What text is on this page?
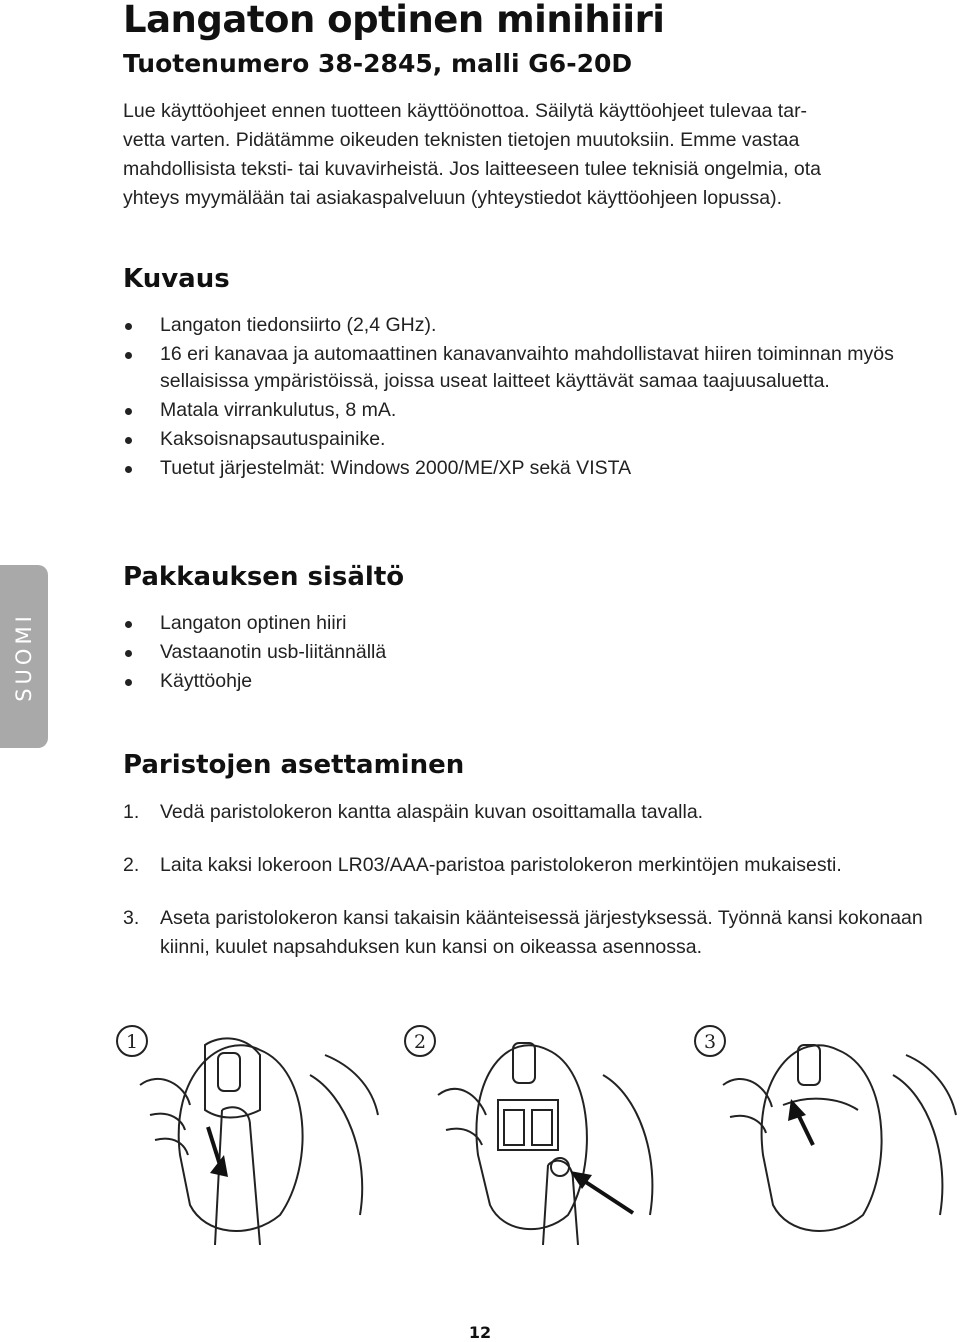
Langaton optinen minihiiri
Tuotenumero 38-2845, malli G6-20D

Lue käyttöohjeet ennen tuotteen käyttöönottoa. Säilytä käyttöohjeet tulevaa tar-
vetta varten. Pidätämme oikeuden teknisten tietojen muutoksiin. Emme vastaa
mahdollisista teksti- tai kuvavirheistä. Jos laitteeseen tulee teknisiä ongelmia, ota
yhteys myymälään tai asiakaspalveluun (yhteystiedot käyttöohjeen lopussa).

Kuvaus
Langaton tiedonsiirto (2,4 GHz).
16 eri kanavaa ja automaattinen kanavanvaihto mahdollistavat hiiren toiminnan myös sellaisissa ympäristöissä, joissa useat laitteet käyttävät samaa taajuusaluetta.
Matala virrankulutus, 8 mA.
Kaksoisnapsautuspainike.
Tuetut järjestelmät: Windows 2000/ME/XP sekä VISTA
SUOMI
Pakkauksen sisältö
Langaton optinen hiiri
Vastaanotin usb-liitännällä
Käyttöohje
Paristojen asettaminen
1. Vedä paristolokeron kantta alaspäin kuvan osoittamalla tavalla.
2. Laita kaksi lokeroon LR03/AAA-paristoa paristolokeron merkintöjen mukaisesti.
3. Aseta paristolokeron kansi takaisin käänteisessä järjestyksessä. Työnnä kansi kokonaan kiinni, kuulet napsahduksen kun kansi on oikeassa asennossa.
1	2	3
12
